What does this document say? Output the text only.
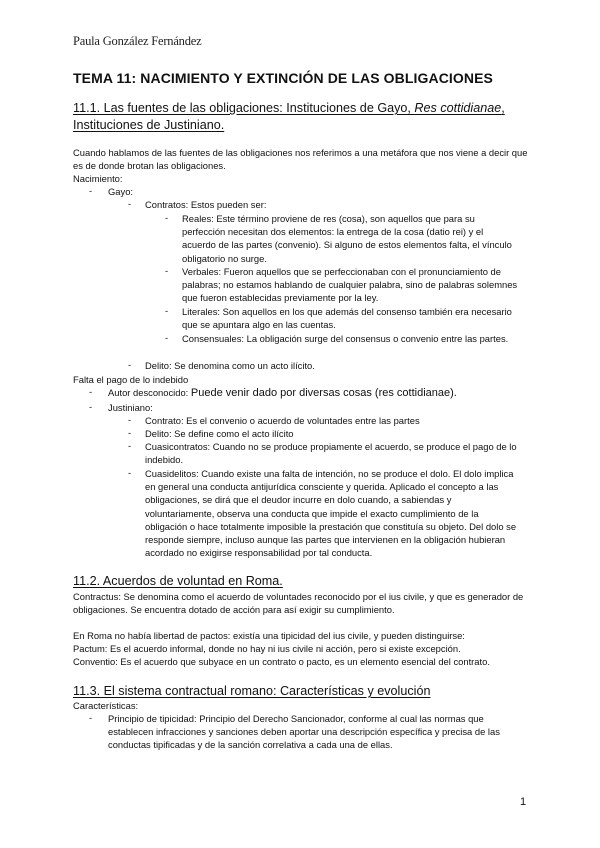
Paula González Fernández
TEMA 11: NACIMIENTO Y EXTINCIÓN DE LAS OBLIGACIONES
11.1. Las fuentes de las obligaciones: Instituciones de Gayo, Res cottidianae,
Instituciones de Justiniano.
Cuando hablamos de las fuentes de las obligaciones nos referimos a una metáfora que nos viene a decir que es de donde brotan las obligaciones.
Nacimiento:
- Gayo:
- Contratos: Estos pueden ser:
- Reales: Este término proviene de res (cosa), son aquellos que para su perfección necesitan dos elementos: la entrega de la cosa (datio rei) y el acuerdo de las partes (convenio). Si alguno de estos elementos falta, el vínculo obligatorio no surge.
- Verbales: Fueron aquellos que se perfeccionaban con el pronunciamiento de palabras; no estamos hablando de cualquier palabra, sino de palabras solemnes que fueron establecidas previamente por la ley.
- Literales: Son aquellos en los que además del consenso también era necesario que se apuntara algo en las cuentas.
- Consensuales: La obligación surge del consensus o convenio entre las partes.
- Delito: Se denomina como un acto ilícito.
Falta el pago de lo indebido
- Autor desconocido: Puede venir dado por diversas cosas (res cottidianae).
- Justiniano:
- Contrato: Es el convenio o acuerdo de voluntades entre las partes
- Delito: Se define como el acto ilícito
- Cuasicontratos: Cuando no se produce propiamente el acuerdo, se produce el pago de lo indebido.
- Cuasidelitos: Cuando existe una falta de intención, no se produce el dolo. El dolo implica en general una conducta antijurídica consciente y querida. Aplicado el concepto a las obligaciones, se dirá que el deudor incurre en dolo cuando, a sabiendas y voluntariamente, observa una conducta que impide el exacto cumplimiento de la obligación o hace totalmente imposible la prestación que constituía su objeto. Del dolo se responde siempre, incluso aunque las partes que intervienen en la obligación hubieran acordado no exigirse responsabilidad por tal conducta.
11.2. Acuerdos de voluntad en Roma.
Contractus: Se denomina como el acuerdo de voluntades reconocido por el ius civile, y que es generador de obligaciones. Se encuentra dotado de acción para así exigir su cumplimiento.
En Roma no había libertad de pactos: existía una tipicidad del ius civile, y pueden distinguirse:
Pactum: Es el acuerdo informal, donde no hay ni ius civile ni acción, pero si existe excepción.
Conventio: Es el acuerdo que subyace en un contrato o pacto, es un elemento esencial del contrato.
11.3. El sistema contractual romano: Características y evolución
Características:
- Principio de tipicidad: Principio del Derecho Sancionador, conforme al cual las normas que establecen infracciones y sanciones deben aportar una descripción específica y precisa de las conductas tipificadas y de la sanción correlativa a cada una de ellas.
1
